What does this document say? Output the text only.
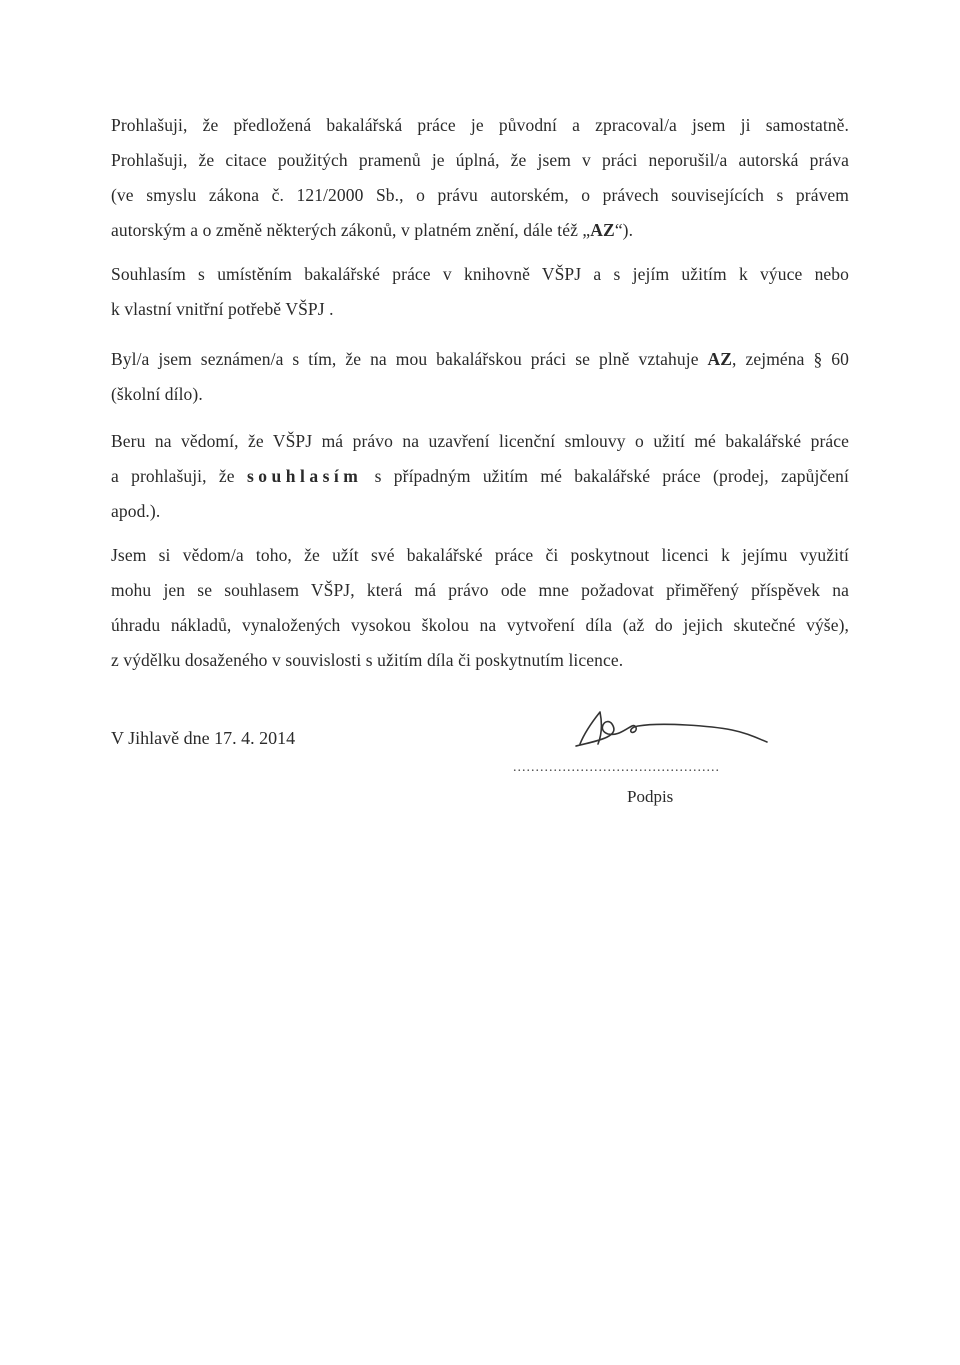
Prohlašuji, že předložená bakalářská práce je původní a zpracoval/a jsem ji samostatně.
Prohlašuji, že citace použitých pramenů je úplná, že jsem v práci neporušil/a autorská práva
(ve smyslu zákona č. 121/2000 Sb., o právu autorském, o právech souvisejících s právem
autorským a o změně některých zákonů, v platném znění, dále též „AZ“).
Souhlasím s umístěním bakalářské práce v knihovně VŠPJ a s jejím užitím k výuce nebo
k vlastní vnitřní potřebě VŠPJ .
Byl/a jsem seznámen/a s tím, že na mou bakalářskou práci se plně vztahuje AZ, zejména § 60
(školní dílo).
Beru na vědomí, že VŠPJ má právo na uzavření licenční smlouvy o užití mé bakalářské práce
a prohlašuji, že souhlasím s případným užitím mé bakalářské práce (prodej, zapůjčení
apod.).
Jsem si vědom/a toho, že užít své bakalářské práce či poskytnout licenci k jejímu využití
mohu jen se souhlasem VŠPJ, která má právo ode mne požadovat přiměřený příspěvek na
úhradu nákladů, vynaložených vysokou školou na vytvoření díla (až do jejich skutečné výše),
z výdělku dosaženého v souvislosti s užitím díla či poskytnutím licence.
V Jihlavě dne 17. 4. 2014
..............................................
Podpis
